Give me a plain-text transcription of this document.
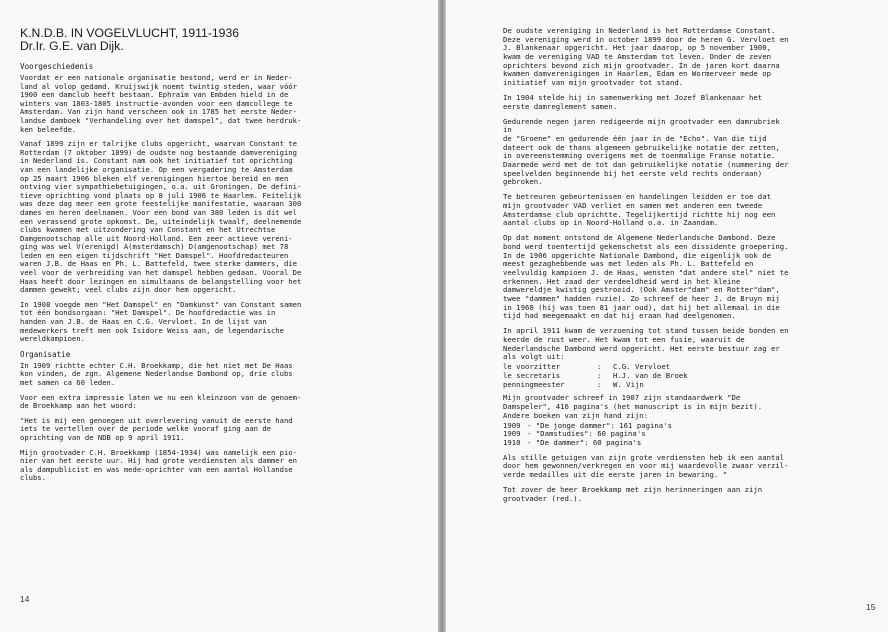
K.N.D.B. IN VOGELVLUCHT, 1911-1936
Dr.Ir. G.E. van Dijk.
Voorgeschiedenis

Voordat er een nationale organisatie bestond, werd er in Neder-
land al volop gedamd. Kruijswijk noemt twintig steden, waar vóór
1900 een damclub heeft bestaan. Ephraïm van Embden hield in de
winters van 1803-1805 instructie-avonden voor een damcollege te
Amsterdam. Van zijn hand verscheen ook in 1785 het eerste Neder-
landse damboek "Verhandeling over het damspel", dat twee herdruk-
ken beleefde.

Vanaf 1899 zijn er talrijke clubs opgericht, waarvan Constant te
Rotterdam (7 oktober 1899) de oudste nog bestaande damvereniging
in Nederland is. Constant nam ook het initiatief tot oprichting
van een landelijke organisatie. Op een vergadering te Amsterdam
op 25 maart 1906 bleken elf verenigingen hiertoe bereid en men
ontving vier sympathiebetuigingen, o.a. uit Groningen. De defini-
tieve oprichting vond plaats op 8 juli 1906 te Haarlem. Feitelijk
was deze dag meer een grote feestelijke manifestatie, waaraan 300
dames en heren deelnamen. Voor een bond van 380 leden is dit wel
een verassend grote opkomst. De, uiteindelijk twaalf, deelnemende
clubs kwamen met uitzondering van Constant en het Utrechtse
Damgenootschap alle uit Noord-Holland. Een zeer actieve vereni-
ging was wel V(erenigd) A(msterdamsch) D(amgenootschap) met 78
leden en een eigen tijdschrift "Het Damspel". Hoofdredacteuren
waren J.B. de Haas en Ph. L. Battefeld, twee sterke dammers, die
veel voor de verbreiding van het damspel hebben gedaan. Vooral De
Haas heeft door lezingen en simultaans de belangstelling voor het
dammen gewekt; veel clubs zijn door hem opgericht.

In 1908 voegde men "Het Damspel" en "Damkunst" van Constant samen
tot één bondsorgaan: "Het Damspel". De hoofdredactie was in
handen van J.B. de Haas en C.G. Vervloet. In de lijst van
medewerkers treft men ook Isidore Weiss aan, de legendarische
wereldkampioen.

Organisatie

In 1909 richtte echter C.H. Broekkamp, die het niet met De Haas
kon vinden, de zgn. Algemene Nederlandse Dambond op, drie clubs
met samen ca 60 leden.

Voor een extra impressie laten we nu een kleinzoon van de genoem-
de Broekkamp aan het woord:

"Het is mij een genoegen uit overlevering vanuit de eerste hand
iets te vertellen over de periode welke vooraf ging aan de
oprichting van de NDB op 9 april 1911.

Mijn grootvader C.H. Broekkamp (1854-1934) was namelijk een pio-
nier van het eerste uur. Hij had grote verdiensten als dammer en
als dampublicist en was mede-oprichter van een aantal Hollandse
clubs.

14

De oudste vereniging in Nederland is het Rotterdamse Constant.
Deze vereniging werd in october 1899 door de heren G. Vervloet en
J. Blankenaar opgericht. Het jaar daarop, op 5 november 1900,
kwam de vereniging VAD te Amsterdam tot leven. Onder de zeven
oprichters bevond zich mijn grootvader. In de jaren kort daarna
kwamen damverenigingen in Haarlem, Edam en Wormerveer mede op
initiatief van mijn grootvader tot stand.

In 1904 stelde hij in samenwerking met Jozef Blankenaar het
eerste damreglement samen.

Gedurende negen jaren redigeerde mijn grootvader een damrubriek
in
de "Groene" en gedurende één jaar in de "Echo". Van die tijd
dateert ook de thans algemeen gebruikelijke notatie der zetten,
in overeenstemming overigens met de toenmalige Franse notatie.
Daarmede werd met de tot dan gebruikelijke notatie (nummering der
speelvelden beginnende bij het eerste veld rechts onderaan)
gebroken.

Te betreuren gebeurtenissen en handelingen leidden er toe dat
mijn grootvader VAD verliet en samen met anderen een tweede
Amsterdamse club oprichtte. Tegelijkertijd richtte hij nog een
aantal clubs op in Noord-Holland o.a. in Zaandam.

Op dat moment ontstond de Algemene Nederlandsche Dambond. Deze
bond werd toentertijd gekenschetst als een dissidente groepering.
In de 1906 opgerichte Nationale Dambond, die eigenlijk ook de
meest gezaghebbende was met leden als Ph. L. Battefeld en
veelvuldig kampioen J. de Haas, wensten "dat andere stel" niet te
erkennen. Het zaad der verdeeldheid werd in het kleine
damwereldje kwistig gestrooid. (Ook Amster"dam" en Rotter"dam",
twee "dammen" hadden ruzie). Zo schreef de heer J. de Bruyn mij
in 1960 (hij was toen 81 jaar oud), dat hij het allemaal in die
tijd had meegemaakt en dat hij eraan had deelgenomen.

In april 1911 kwam de verzoening tot stand tussen beide bonden en
keerde de rust weer. Het kwam tot een fusie, waaruit de
Nederlandsche Dambond werd opgericht. Het eerste bestuur zag er
als volgt uit:

le voorzitter	:	C.G. Vervloet
le secretaris	:	H.J. van de Broek
penningmeester	:	W. Vijn

Mijn grootvader schreef in 1907 zijn standaardwerk "De
Damspeler", 416 pagina's (het manuscript is in mijn bezit).
Andere boeken van zijn hand zijn:

1909 - "De jonge dammer": 161 pagina's
1909 - "Damstudies": 60 pagina's
1910 - "De dammer": 60 pagina's

Als stille getuigen van zijn grote verdiensten heb ik een aantal
door hem gewonnen/verkregen en voor mij waardevolle zwaar verzil-
verde medailles uit die eerste jaren in bewaring. "

Tot zover de heer Broekkamp met zijn herinneringen aan zijn
grootvader (red.).

15
